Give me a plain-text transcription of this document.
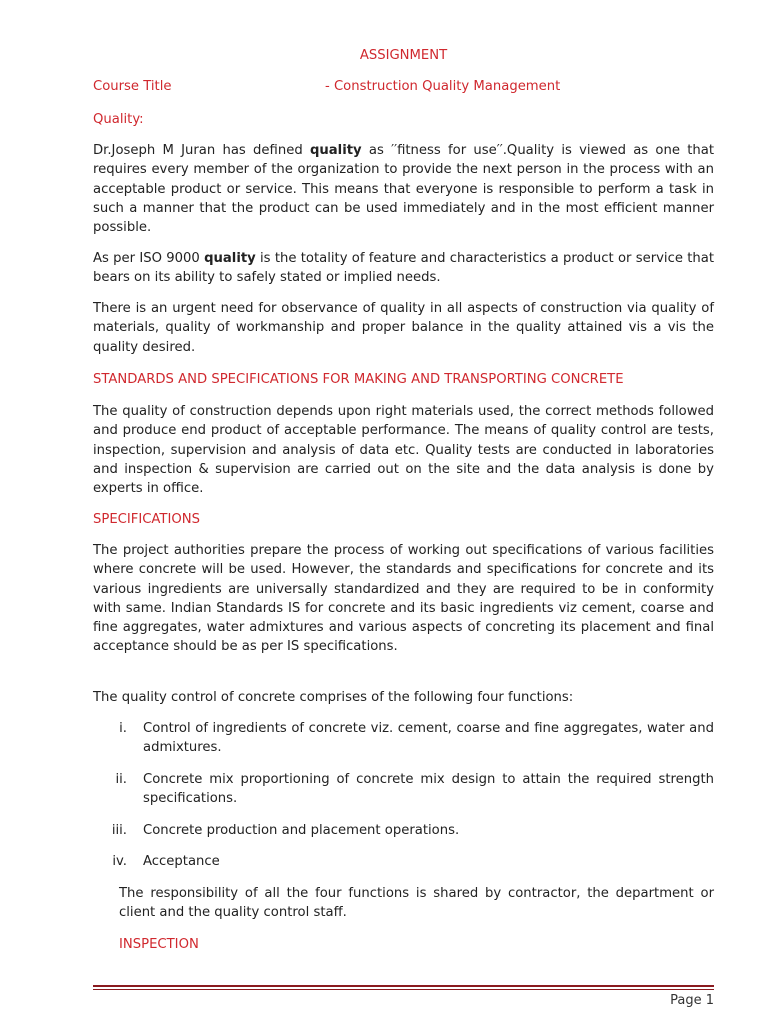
ASSIGNMENT
Course Title	- Construction Quality Management
Quality:

Dr.Joseph M Juran has defined quality as ′′fitness for use′′.Quality is viewed as one that requires every member of the organization to provide the next person in the process with an acceptable product or service. This means that everyone is responsible to perform a task in such a manner that the product can be used immediately and in the most efficient manner possible.

As per ISO 9000 quality is the totality of feature and characteristics a product or service that bears on its ability to safely stated or implied needs.

There is an urgent need for observance of quality in all aspects of construction via quality of materials, quality of workmanship and proper balance in the quality attained vis a vis the quality desired.

STANDARDS AND SPECIFICATIONS FOR MAKING AND TRANSPORTING CONCRETE

The quality of construction depends upon right materials used, the correct methods followed and produce end product of acceptable performance. The means of quality control are tests, inspection, supervision and analysis of data etc. Quality tests are conducted in laboratories and inspection & supervision are carried out on the site and the data analysis is done by experts in office.

SPECIFICATIONS

The project authorities prepare the process of working out specifications of various facilities where concrete will be used. However, the standards and specifications for concrete and its various ingredients are universally standardized and they are required to be in conformity with same. Indian Standards IS for concrete and its basic ingredients viz cement, coarse and fine aggregates, water admixtures and various aspects of concreting its placement and final acceptance should be as per IS specifications.

The quality control of concrete comprises of the following four functions:

i. Control of ingredients of concrete viz. cement, coarse and fine aggregates, water and admixtures.
ii. Concrete mix proportioning of concrete mix design to attain the required strength specifications.
iii. Concrete production and placement operations.
iv. Acceptance

The responsibility of all the four functions is shared by contractor, the department or client and the quality control staff.

INSPECTION
Page 1
